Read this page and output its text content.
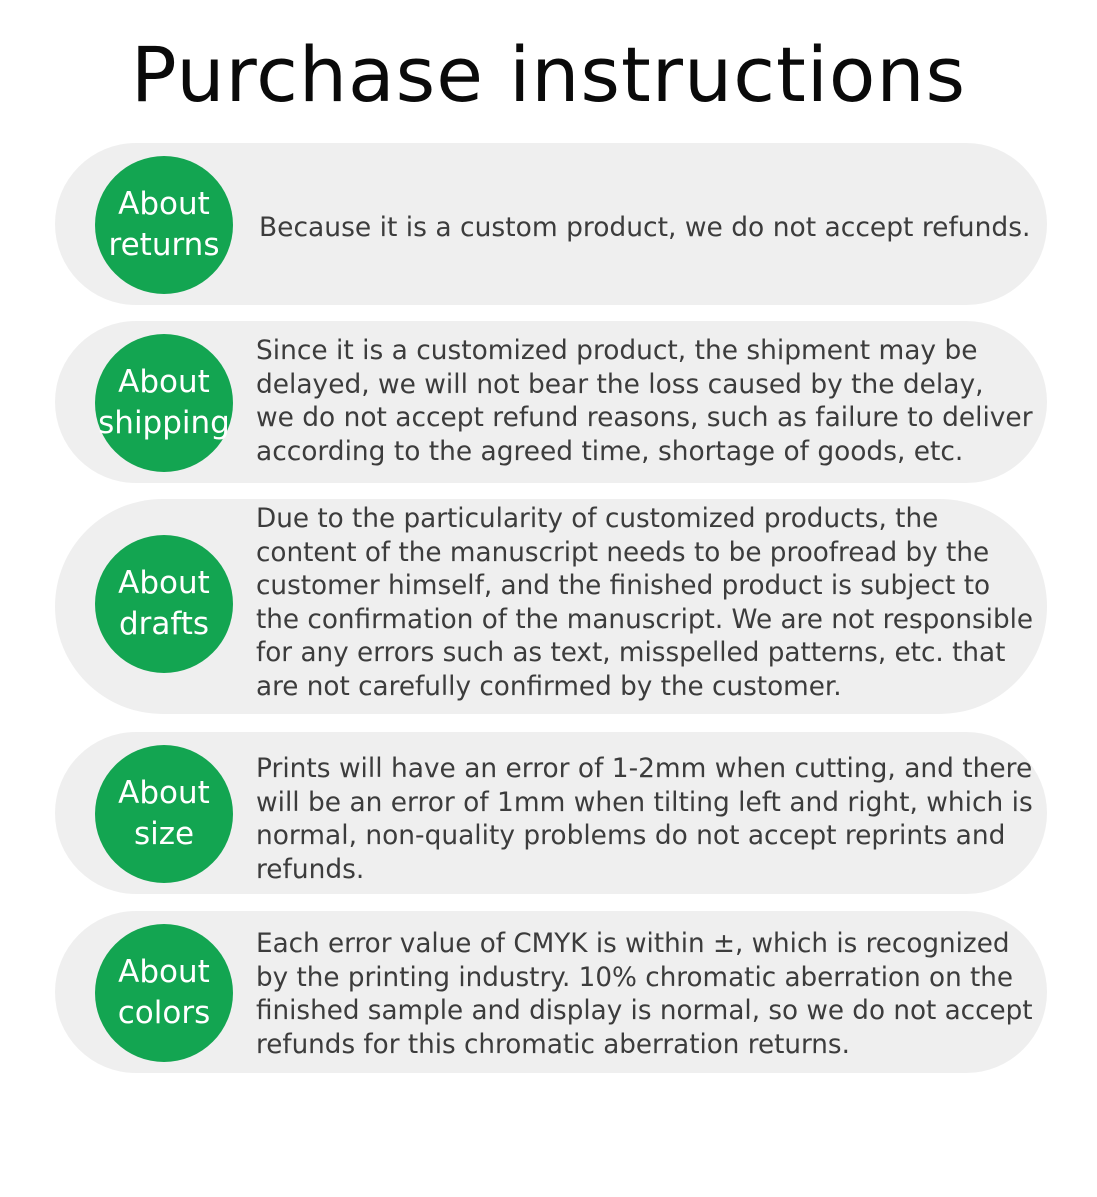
Purchase instructions
About
returns Because it is a custom product, we do not accept refunds.
About
shipping
Since it is a customized product, the shipment may be
delayed, we will not bear the loss caused by the delay,
we do not accept refund reasons, such as failure to deliver
according to the agreed time, shortage of goods, etc.
About
drafts
Due to the particularity of customized products, the
content of the manuscript needs to be proofread by the
customer himself, and the finished product is subject to
the confirmation of the manuscript. We are not responsible
for any errors such as text, misspelled patterns, etc. that
are not carefully confirmed by the customer.
About
size
Prints will have an error of 1-2mm when cutting, and there
will be an error of 1mm when tilting left and right, which is
normal, non-quality problems do not accept reprints and
refunds.
About
colors
Each error value of CMYK is within ±, which is recognized
by the printing industry. 10% chromatic aberration on the
finished sample and display is normal, so we do not accept
refunds for this chromatic aberration returns.
